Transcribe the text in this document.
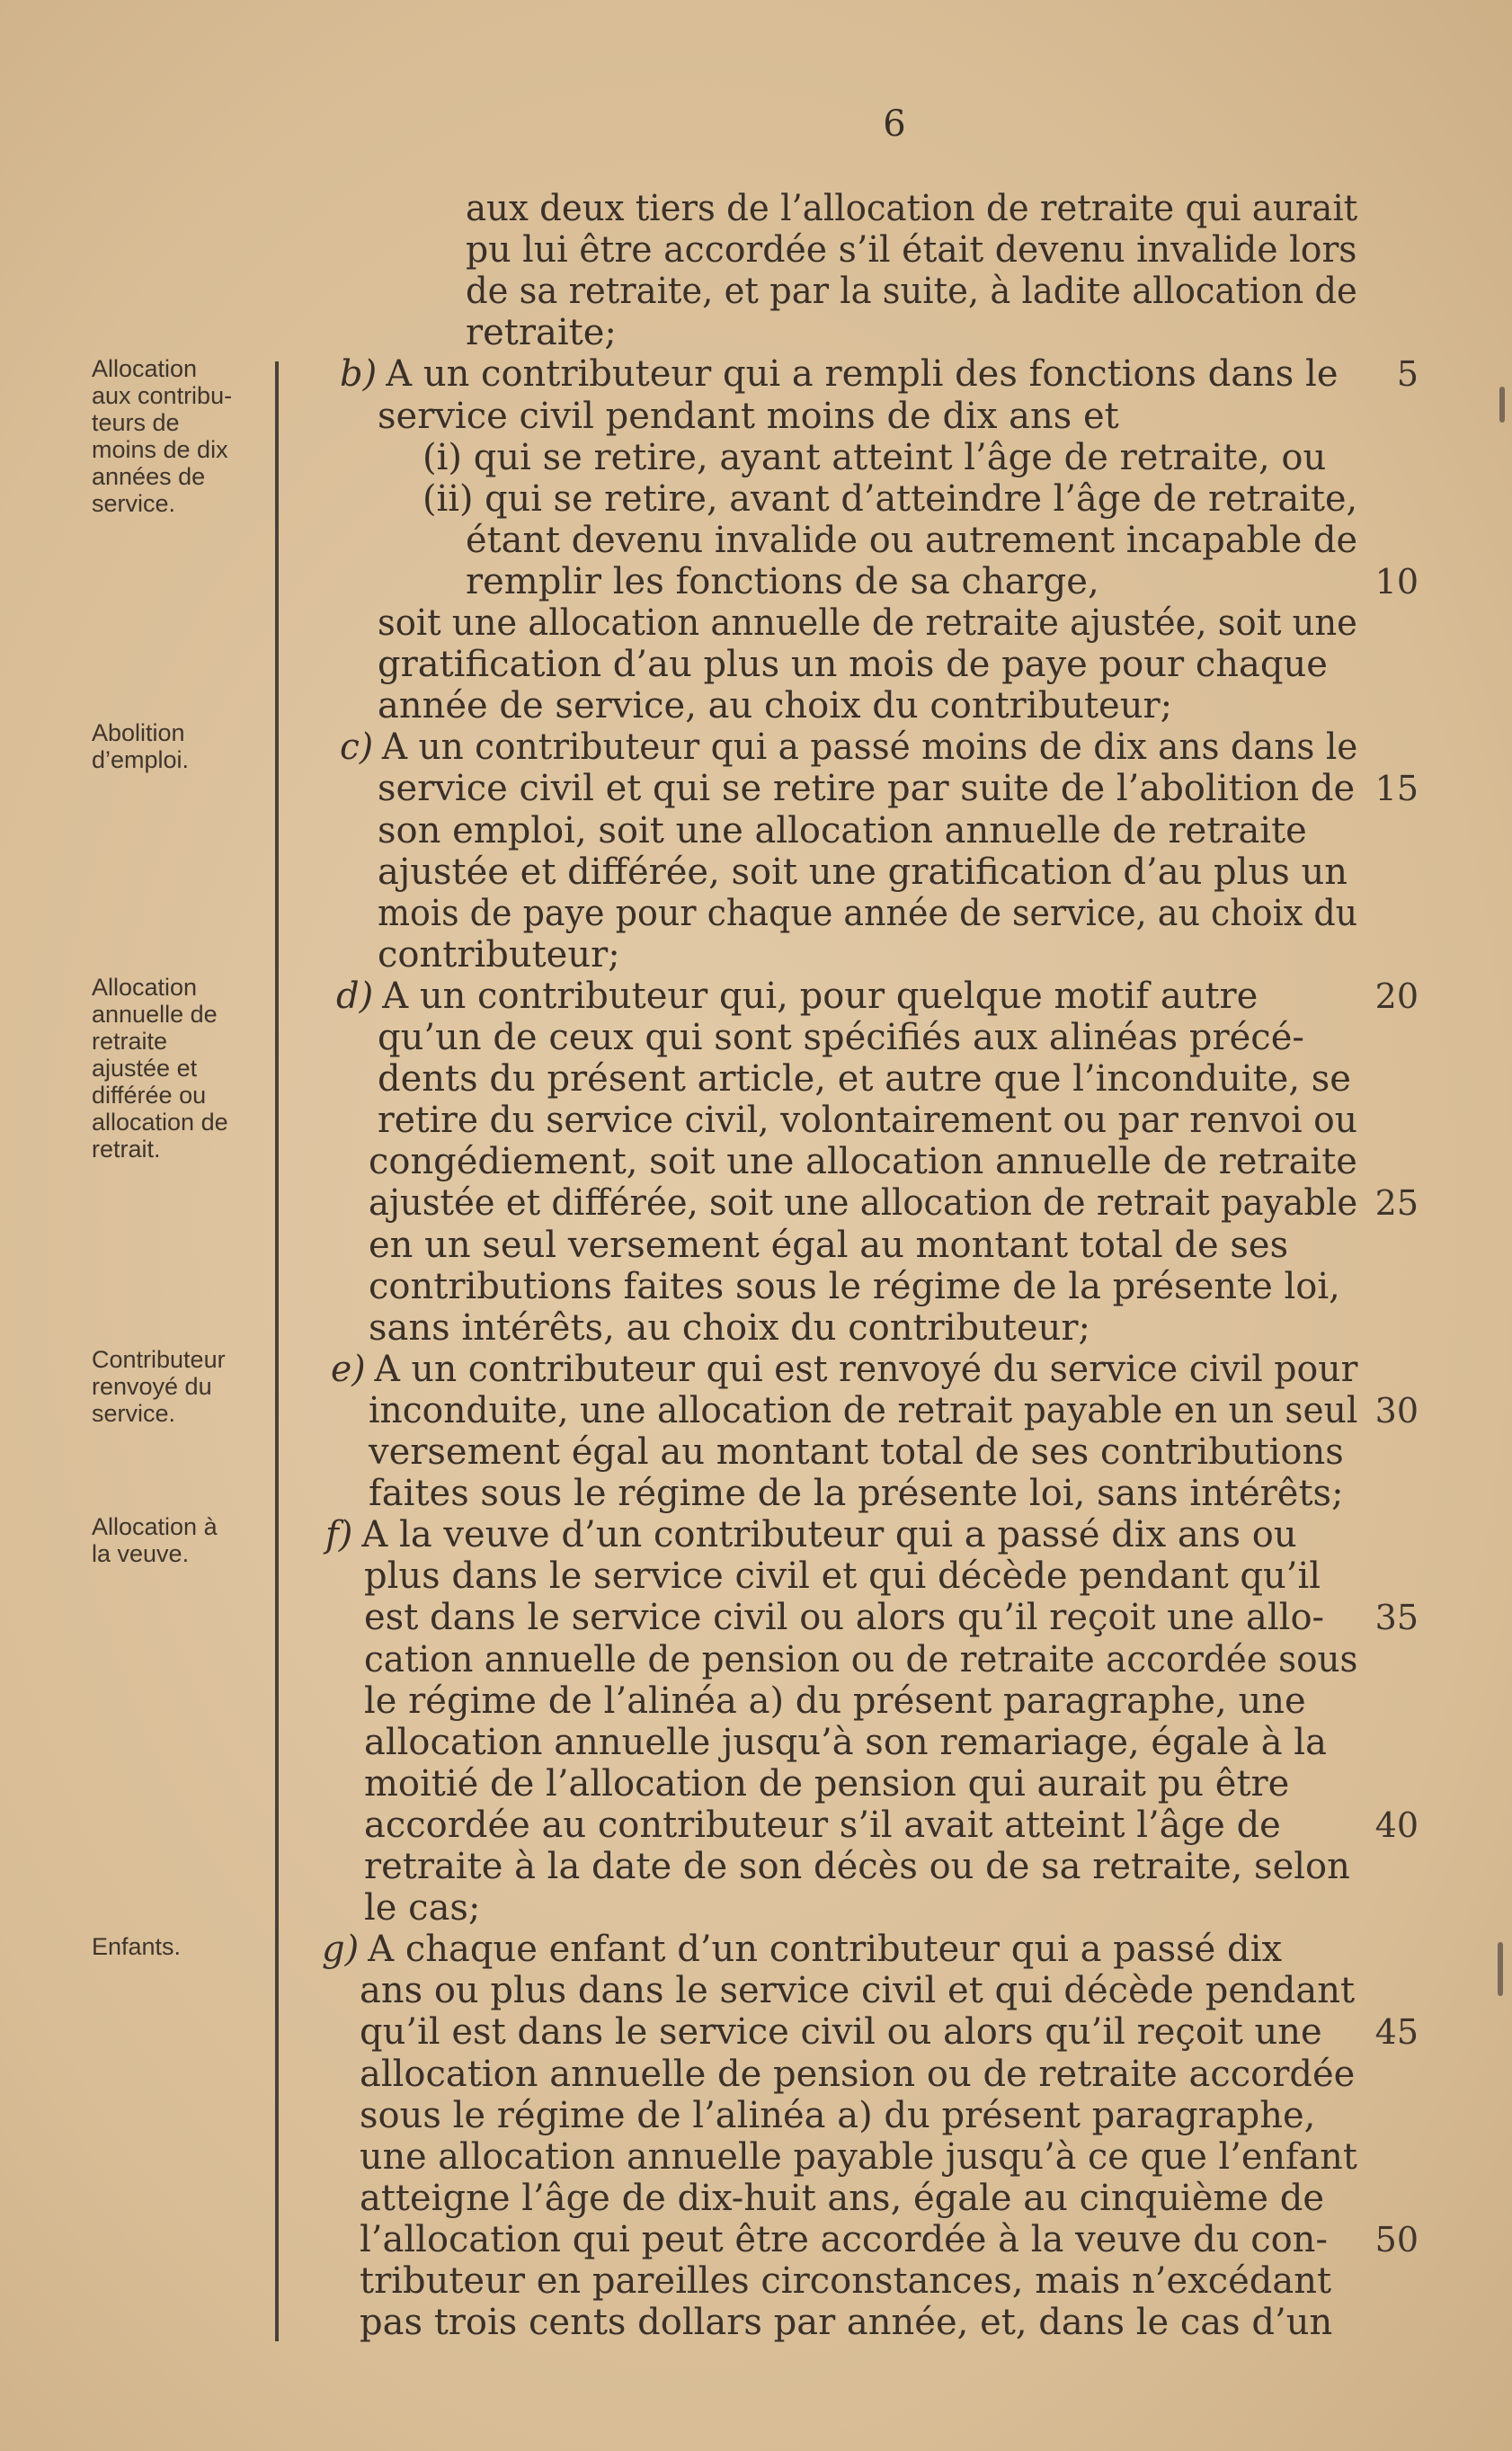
6
Allocation
aux contribu-
teurs de
moins de dix
années de
service.
Abolition
d’emploi.
Allocation
annuelle de
retraite
ajustée et
différée ou
allocation de
retrait.
Contributeur
renvoyé du
service.
Allocation à
la veuve.
Enfants.
aux deux tiers de l’allocation de retraite qui aurait
pu lui être accordée s’il était devenu invalide lors
de sa retraite, et par la suite, à ladite allocation de
retraite;
b) A un contributeur qui a rempli des fonctions dans le 5
service civil pendant moins de dix ans et
(i) qui se retire, ayant atteint l’âge de retraite, ou
(ii) qui se retire, avant d’atteindre l’âge de retraite,
étant devenu invalide ou autrement incapable de
remplir les fonctions de sa charge,	10
soit une allocation annuelle de retraite ajustée, soit une
gratification d’au plus un mois de paye pour chaque
année de service, au choix du contributeur;
c) A un contributeur qui a passé moins de dix ans dans le
service civil et qui se retire par suite de l’abolition de 15
son emploi, soit une allocation annuelle de retraite
ajustée et différée, soit une gratification d’au plus un
mois de paye pour chaque année de service, au choix du
contributeur;
d) A un contributeur qui, pour quelque motif autre	20
qu’un de ceux qui sont spécifiés aux alinéas précé-
dents du présent article, et autre que l’inconduite, se
retire du service civil, volontairement ou par renvoi ou
congédiement, soit une allocation annuelle de retraite
ajustée et différée, soit une allocation de retrait payable 25
en un seul versement égal au montant total de ses
contributions faites sous le régime de la présente loi,
sans intérêts, au choix du contributeur;
e) A un contributeur qui est renvoyé du service civil pour
inconduite, une allocation de retrait payable en un seul 30
versement égal au montant total de ses contributions
faites sous le régime de la présente loi, sans intérêts;
f) A la veuve d’un contributeur qui a passé dix ans ou
plus dans le service civil et qui décède pendant qu’il
est dans le service civil ou alors qu’il reçoit une allo- 35
cation annuelle de pension ou de retraite accordée sous
le régime de l’alinéa a) du présent paragraphe, une
allocation annuelle jusqu’à son remariage, égale à la
moitié de l’allocation de pension qui aurait pu être
accordée au contributeur s’il avait atteint l’âge de	40
retraite à la date de son décès ou de sa retraite, selon
le cas;
g) A chaque enfant d’un contributeur qui a passé dix
ans ou plus dans le service civil et qui décède pendant
qu’il est dans le service civil ou alors qu’il reçoit une 45
allocation annuelle de pension ou de retraite accordée
sous le régime de l’alinéa a) du présent paragraphe,
une allocation annuelle payable jusqu’à ce que l’enfant
atteigne l’âge de dix-huit ans, égale au cinquième de
l’allocation qui peut être accordée à la veuve du con- 50
tributeur en pareilles circonstances, mais n’excédant
pas trois cents dollars par année, et, dans le cas d’un
